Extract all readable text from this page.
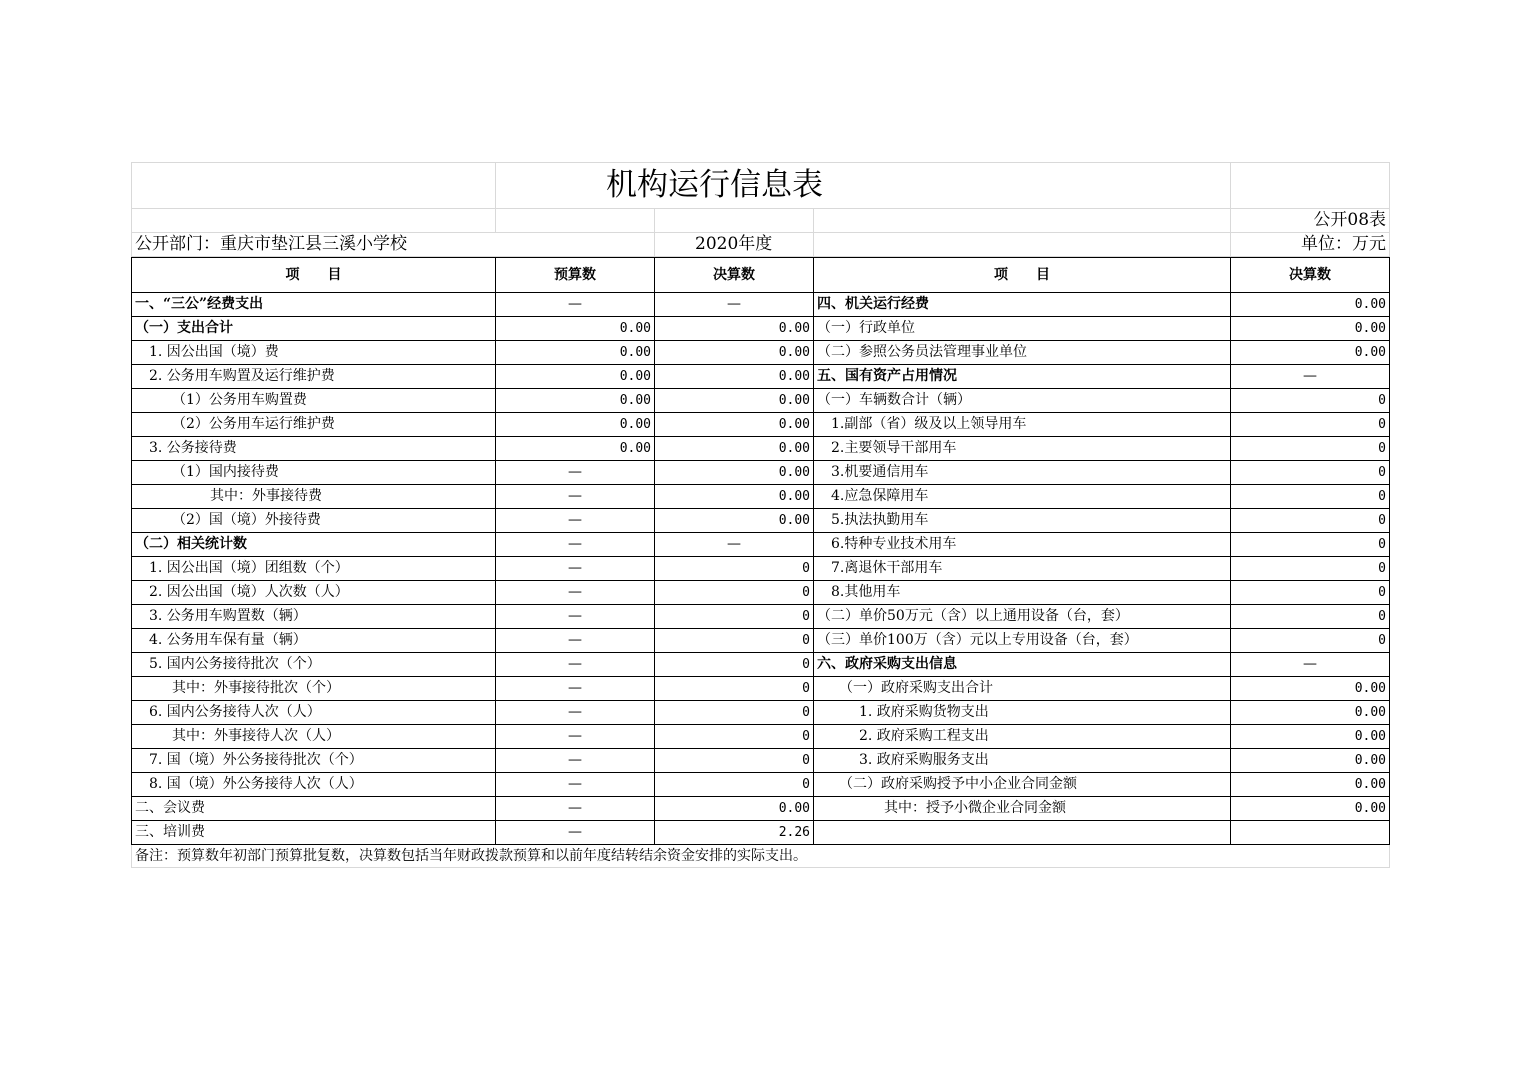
	机构运行信息表			
				公开08表
公开部门：重庆市垫江县三溪小学校		2020年度		单位：万元
项　　目	预算数	决算数	项　　目	决算数
一、“三公”经费支出	—	—	四、机关运行经费	0.00
（一）支出合计	0.00	0.00	（一）行政单位	0.00
1. 因公出国（境）费	0.00	0.00	（二）参照公务员法管理事业单位	0.00
2. 公务用车购置及运行维护费	0.00	0.00	五、国有资产占用情况	—
（1）公务用车购置费	0.00	0.00	（一）车辆数合计（辆）	0
（2）公务用车运行维护费	0.00	0.00	1.副部（省）级及以上领导用车	0
3. 公务接待费	0.00	0.00	2.主要领导干部用车	0
（1）国内接待费	—	0.00	3.机要通信用车	0
其中：外事接待费	—	0.00	4.应急保障用车	0
（2）国（境）外接待费	—	0.00	5.执法执勤用车	0
（二）相关统计数	—	—	6.特种专业技术用车	0
1. 因公出国（境）团组数（个）	—	0	7.离退休干部用车	0
2. 因公出国（境）人次数（人）	—	0	8.其他用车	0
3. 公务用车购置数（辆）	—	0	（二）单价50万元（含）以上通用设备（台，套）	0
4. 公务用车保有量（辆）	—	0	（三）单价100万（含）元以上专用设备（台，套）	0
5. 国内公务接待批次（个）	—	0	六、政府采购支出信息	—
其中：外事接待批次（个）	—	0	（一）政府采购支出合计	0.00
6. 国内公务接待人次（人）	—	0	1. 政府采购货物支出	0.00
其中：外事接待人次（人）	—	0	2. 政府采购工程支出	0.00
7. 国（境）外公务接待批次（个）	—	0	3. 政府采购服务支出	0.00
8. 国（境）外公务接待人次（人）	—	0	（二）政府采购授予中小企业合同金额	0.00
二、会议费	—	0.00	其中：授予小微企业合同金额	0.00
三、培训费	—	2.26		
备注：预算数年初部门预算批复数，决算数包括当年财政拨款预算和以前年度结转结余资金安排的实际支出。				
